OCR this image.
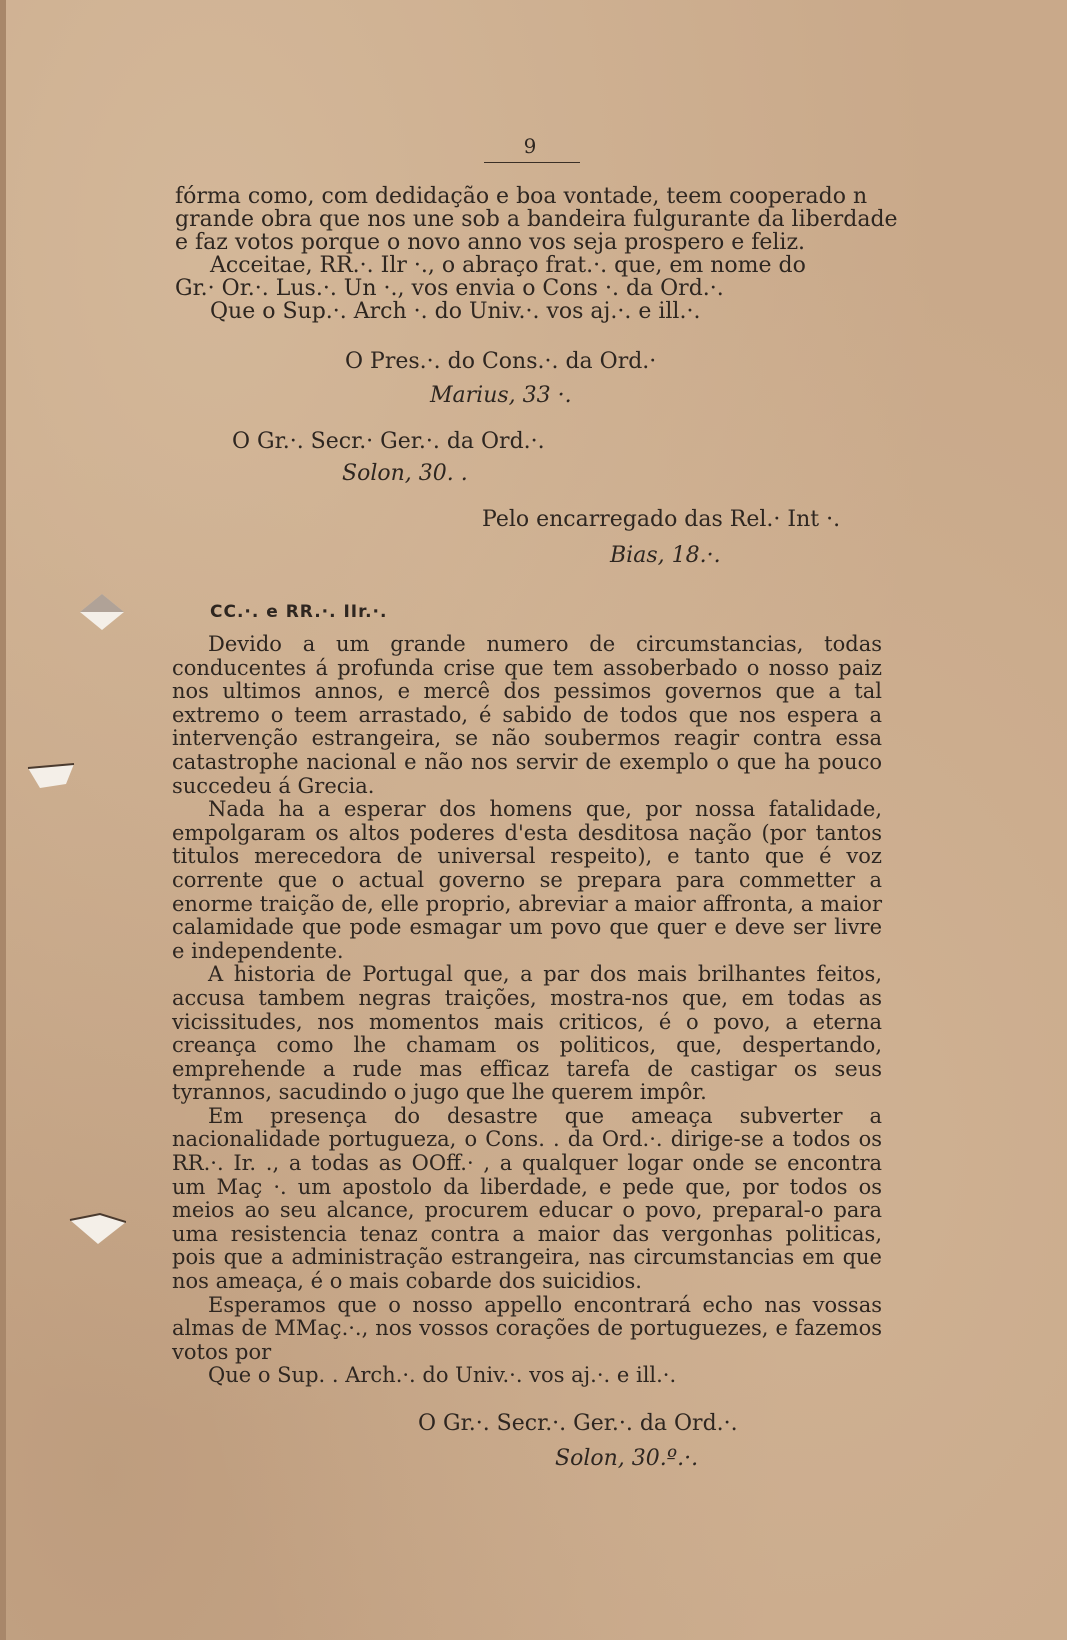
9
fórma como, com dedidação e boa vontade, teem cooperado n
grande obra que nos une sob a bandeira fulgurante da liberdade
e faz votos porque o novo anno vos seja prospero e feliz.
Acceitae, RR.·. Ilr ·., o abraço frat.·. que, em nome do
Gr.· Or.·. Lus.·. Un ·., vos envia o Cons ·. da Ord.·.
Que o Sup.·. Arch ·. do Univ.·. vos aj.·. e ill.·.
O Pres.·. do Cons.·. da Ord.·
Marius, 33 ·.
O Gr.·. Secr.· Ger.·. da Ord.·.
Solon, 30. .
Pelo encarregado das Rel.· Int ·.
Bias, 18.·.
CC.·. e RR.·. IIr.·.

Devido a um grande numero de circumstancias, todas conducentes á profunda crise que tem assoberbado o nosso paiz nos ultimos annos, e mercê dos pessimos governos que a tal extremo o teem arrastado, é sabido de todos que nos espera a intervenção estrangeira, se não soubermos reagir contra essa catastrophe nacional e não nos servir de exemplo o que ha pouco succedeu á Grecia.

Nada ha a esperar dos homens que, por nossa fatalidade, empolgaram os altos poderes d'esta desditosa nação (por tantos titulos merecedora de universal respeito), e tanto que é voz corrente que o actual governo se prepara para commetter a enorme traição de, elle proprio, abreviar a maior affronta, a maior calamidade que pode esmagar um povo que quer e deve ser livre e independente.

A historia de Portugal que, a par dos mais brilhantes feitos, accusa tambem negras traições, mostra-nos que, em todas as vicissitudes, nos momentos mais criticos, é o povo, a eterna creança como lhe chamam os politicos, que, despertando, emprehende a rude mas efficaz tarefa de castigar os seus tyrannos, sacudindo o jugo que lhe querem impôr.

Em presença do desastre que ameaça subverter a nacionalidade portugueza, o Cons. . da Ord.·. dirige-se a todos os RR.·. Ir. ., a todas as OOff.· , a qualquer logar onde se encontra um Maç ·. um apostolo da liberdade, e pede que, por todos os meios ao seu alcance, procurem educar o povo, preparal-o para uma resistencia tenaz contra a maior das vergonhas politicas, pois que a administração estrangeira, nas circumstancias em que nos ameaça, é o mais cobarde dos suicidios.

Esperamos que o nosso appello encontrará echo nas vossas almas de MMaç.·., nos vossos corações de portuguezes, e fazemos votos por

Que o Sup. . Arch.·. do Univ.·. vos aj.·. e ill.·.

O Gr.·. Secr.·. Ger.·. da Ord.·.
Solon, 30.º.·.
